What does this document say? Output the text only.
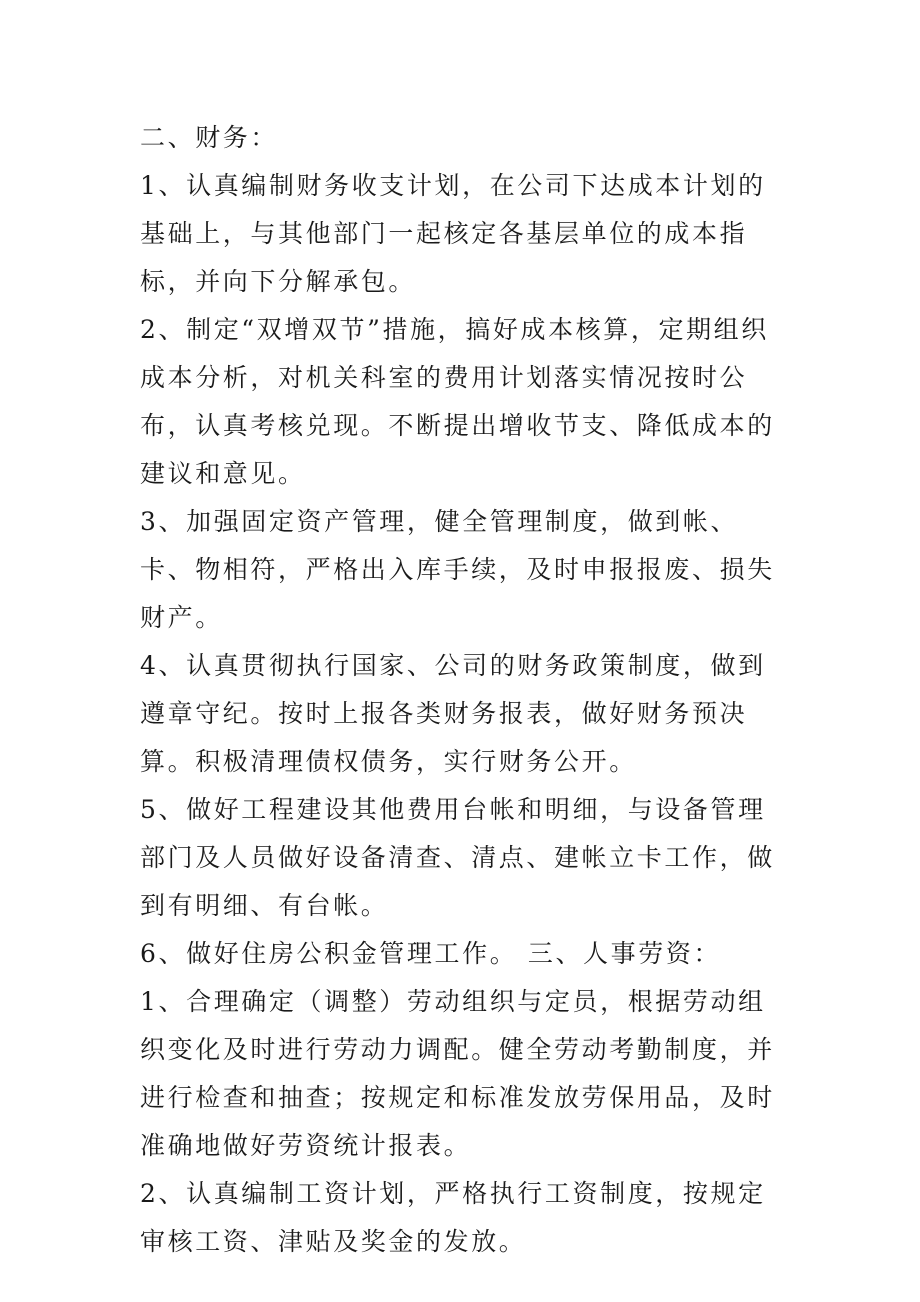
二、财务：

1、认真编制财务收支计划，在公司下达成本计划的基础上，与其他部门一起核定各基层单位的成本指标，并向下分解承包。

2、制定“双增双节”措施，搞好成本核算，定期组织成本分析，对机关科室的费用计划落实情况按时公布，认真考核兑现。不断提出增收节支、降低成本的建议和意见。

3、加强固定资产管理，健全管理制度，做到帐、卡、物相符，严格出入库手续，及时申报报废、损失财产。

4、认真贯彻执行国家、公司的财务政策制度，做到遵章守纪。按时上报各类财务报表，做好财务预决算。积极清理债权债务，实行财务公开。

5、做好工程建设其他费用台帐和明细，与设备管理部门及人员做好设备清查、清点、建帐立卡工作，做到有明细、有台帐。

6、做好住房公积金管理工作。 三、人事劳资：

1、合理确定（调整）劳动组织与定员，根据劳动组织变化及时进行劳动力调配。健全劳动考勤制度，并进行检查和抽查；按规定和标准发放劳保用品，及时准确地做好劳资统计报表。

2、认真编制工资计划，严格执行工资制度，按规定审核工资、津贴及奖金的发放。
